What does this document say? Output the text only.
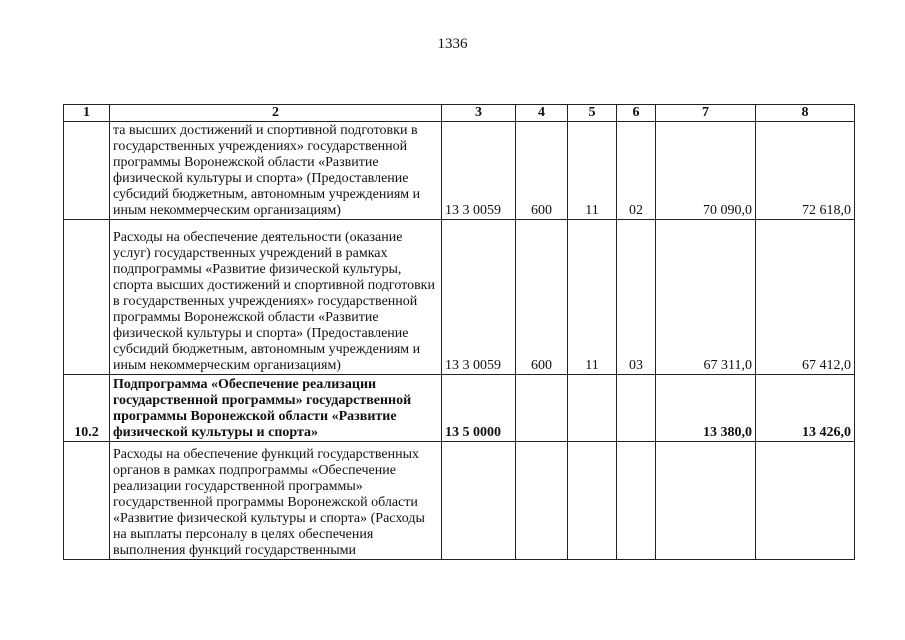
1336
1	2	3	4	5	6	7	8
	та высших достижений и спортивной подготовки в государственных учреждениях» государственной программы Воронежской области «Развитие физической культуры и спорта» (Предоставление субсидий бюджетным, автономным учреждениям и иным некоммерческим организациям)	13 3 0059	600	11	02	70 090,0	72 618,0
	Расходы на обеспечение деятельности (оказание услуг) государственных учреждений в рамках подпрограммы «Развитие физической культуры, спорта высших достижений и спортивной подготовки в государственных учреждениях» государственной программы Воронежской области «Развитие физической культуры и спорта» (Предоставление субсидий бюджетным, автономным учреждениям и иным некоммерческим организациям)	13 3 0059	600	11	03	67 311,0	67 412,0
10.2	Подпрограмма «Обеспечение реализации государственной программы» государственной программы Воронежской области «Развитие физической культуры и спорта»	13 5 0000				13 380,0	13 426,0
	Расходы на обеспечение функций государственных органов в рамках подпрограммы «Обеспечение реализации государственной программы» государственной программы Воронежской области «Развитие физической культуры и спорта» (Расходы на выплаты персоналу в целях обеспечения выполнения функций государственными						
